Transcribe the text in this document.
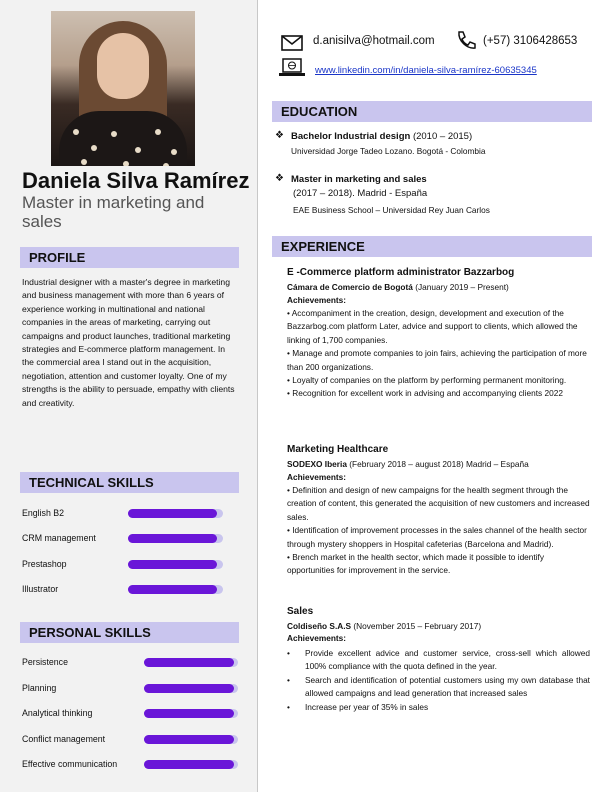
Daniela Silva Ramírez
Master in marketing and sales
PROFILE
Industrial designer with a master's degree in marketing and business management with more than 6 years of experience working in multinational and national companies in the areas of marketing, carrying out campaigns and product launches, traditional marketing strategies and E-commerce platform management. In the commercial area I stand out in the acquisition, negotiation, attention and customer loyalty. One of my strengths is the ability to persuade, empathy with clients and creativity.
TECHNICAL SKILLS
English B2
CRM management
Prestashop
Illustrator
PERSONAL SKILLS
Persistence
Planning
Analytical thinking
Conflict management
Effective communication
d.anisilva@hotmail.com	(+57) 3106428653
www.linkedin.com/in/daniela-silva-ramírez-60635345
EDUCATION
❖ Bachelor Industrial design (2010 – 2015)
Universidad Jorge Tadeo Lozano. Bogotá - Colombia
❖ Master in marketing and sales
(2017 – 2018). Madrid - España
EAE Business School – Universidad Rey Juan Carlos
EXPERIENCE
E -Commerce platform administrator Bazzarbog
Cámara de Comercio de Bogotá (January 2019 – Present)
Achievements:
• Accompaniment in the creation, design, development and execution of the Bazzarbog.com platform Later, advice and support to clients, which allowed the linking of 1,700 companies.
• Manage and promote companies to join fairs, achieving the participation of more than 200 organizations.
• Loyalty of companies on the platform by performing permanent monitoring.
• Recognition for excellent work in advising and accompanying clients 2022
Marketing Healthcare
SODEXO Iberia (February 2018 – august 2018) Madrid – España
Achievements:
• Definition and design of new campaigns for the health segment through the creation of content, this generated the acquisition of new customers and increased sales.
• Identification of improvement processes in the sales channel of the health sector through mystery shoppers in Hospital cafeterias (Barcelona and Madrid).
• Brench market in the health sector, which made it possible to identify opportunities for improvement in the service.
Sales
Coldiseño S.A.S (November 2015 – February 2017)
Achievements:
•	Provide excellent advice and customer service, cross-sell which allowed 100% compliance with the quota defined in the year.
•	Search and identification of potential customers using my own database that allowed campaigns and lead generation that increased sales
•	Increase per year of 35% in sales
